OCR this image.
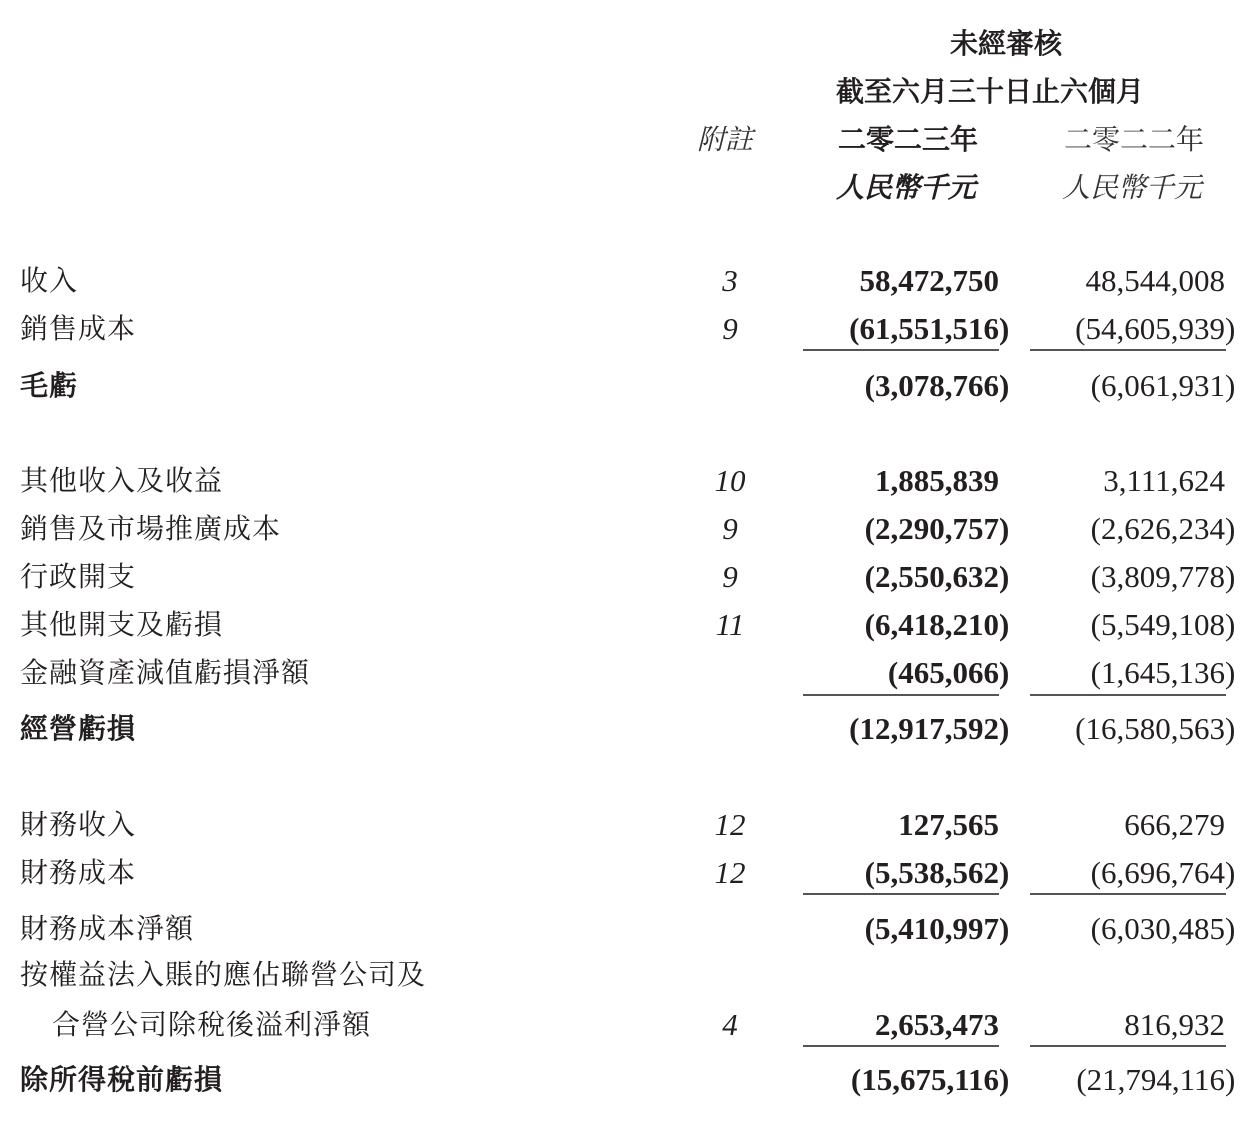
未經審核
截至六月三十日止六個月
附註	二零二三年	二零二二年
人民幣千元	人民幣千元
收入	3	58,472,750	48,544,008
銷售成本	9	(61,551,516) (54,605,939)
毛虧	(3,078,766)	(6,061,931)
其他收入及收益	10	1,885,839	3,111,624
銷售及市場推廣成本	9	(2,290,757)	(2,626,234)
行政開支	9	(2,550,632)	(3,809,778)
其他開支及虧損	11	(6,418,210)	(5,549,108)
金融資產減值虧損淨額	(465,066)	(1,645,136)
經營虧損	(12,917,592) (16,580,563)
財務收入	12	127,565	666,279
財務成本	12	(5,538,562)	(6,696,764)
財務成本淨額	(5,410,997)	(6,030,485)
按權益法入賬的應佔聯營公司及
合營公司除稅後溢利淨額	4	2,653,473	816,932
除所得稅前虧損	(15,675,116) (21,794,116)
